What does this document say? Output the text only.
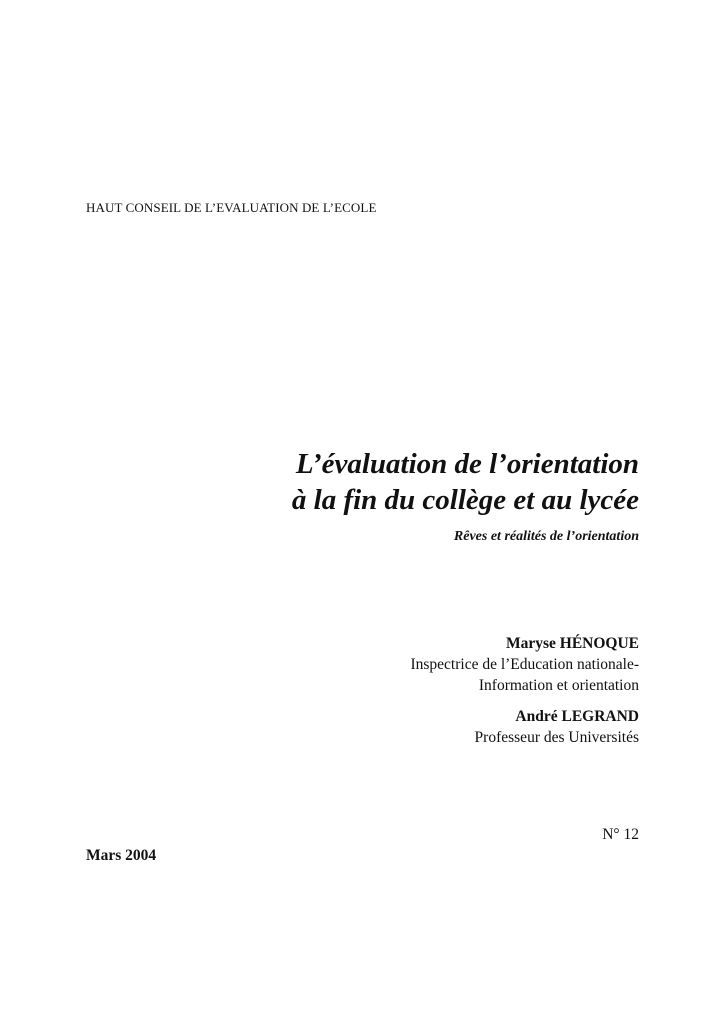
HAUT CONSEIL DE L’EVALUATION DE L’ECOLE
L’évaluation de l’orientation
à la fin du collège et au lycée
Rêves et réalités de l’orientation
Maryse HÉNOQUE
Inspectrice de l’Education nationale-
Information et orientation
André LEGRAND
Professeur des Universités
N° 12
Mars 2004
